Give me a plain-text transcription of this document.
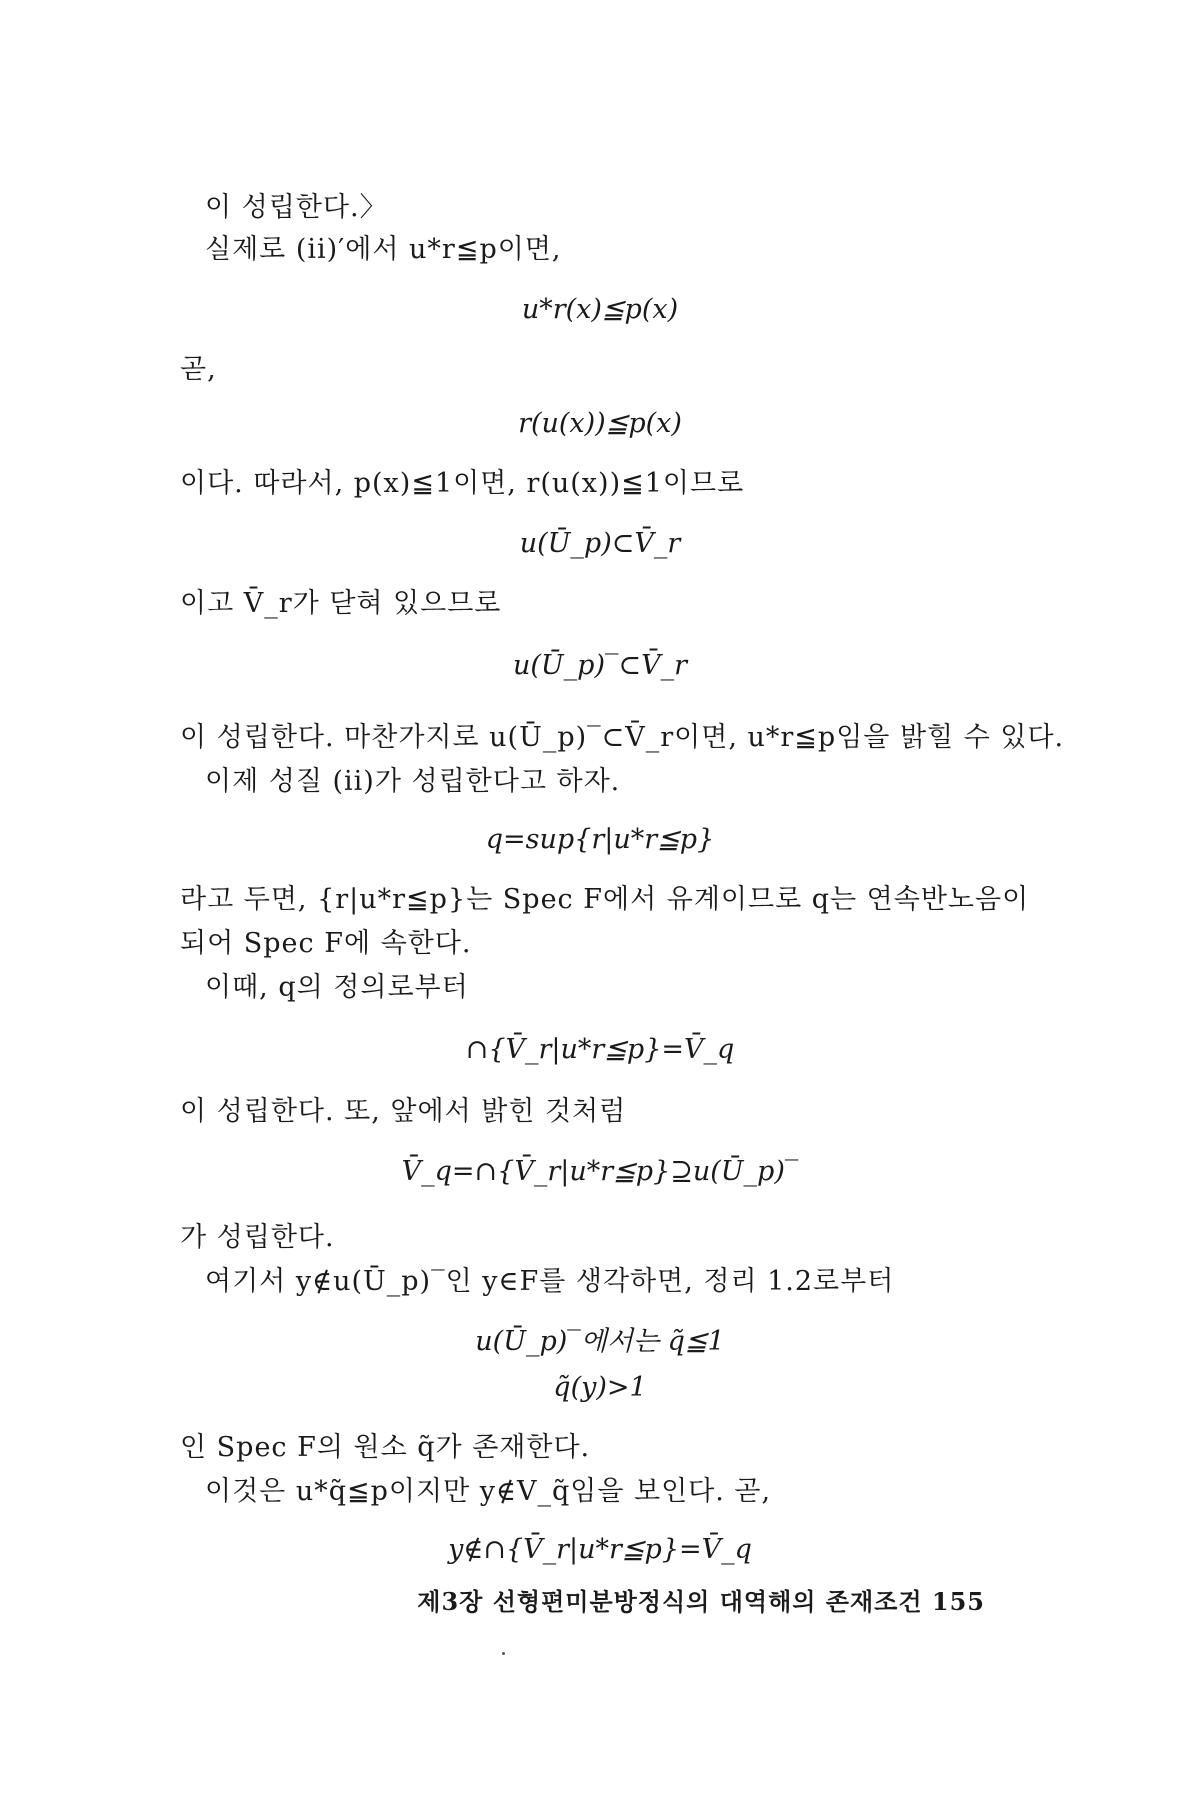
이 성립한다.〉
실제로 (ii)′에서 u*r≦p이면,
u*r(x)≦p(x)
곧,
r(u(x))≦p(x)
이다. 따라서, p(x)≦1이면, r(u(x))≦1이므로
u(Ū_p)⊂V̄_r
이고 V̄_r가 닫혀 있으므로
u(Ū_p)‾⊂V̄_r
이 성립한다. 마찬가지로 u(Ū_p)‾⊂V̄_r이면, u*r≦p임을 밝힐 수 있다.
이제 성질 (ii)가 성립한다고 하자.
q=sup{r|u*r≦p}
라고 두면, {r|u*r≦p}는 Spec F에서 유계이므로 q는 연속반노음이
되어 Spec F에 속한다.
이때, q의 정의로부터
∩{V̄_r|u*r≦p}=V̄_q
이 성립한다. 또, 앞에서 밝힌 것처럼
V̄_q=∩{V̄_r|u*r≦p}⊇u(Ū_p)‾
가 성립한다.
여기서 y∉u(Ū_p)‾인 y∈F를 생각하면, 정리 1.2로부터
u(Ū_p)‾에서는 q̃≦1
q̃(y)>1
인 Spec F의 원소 q̃가 존재한다.
이것은 u*q̃≦p이지만 y∉V_q̃임을 보인다. 곧,
y∉∩{V̄_r|u*r≦p}=V̄_q
제3장 선형편미분방정식의 대역해의 존재조건 155
